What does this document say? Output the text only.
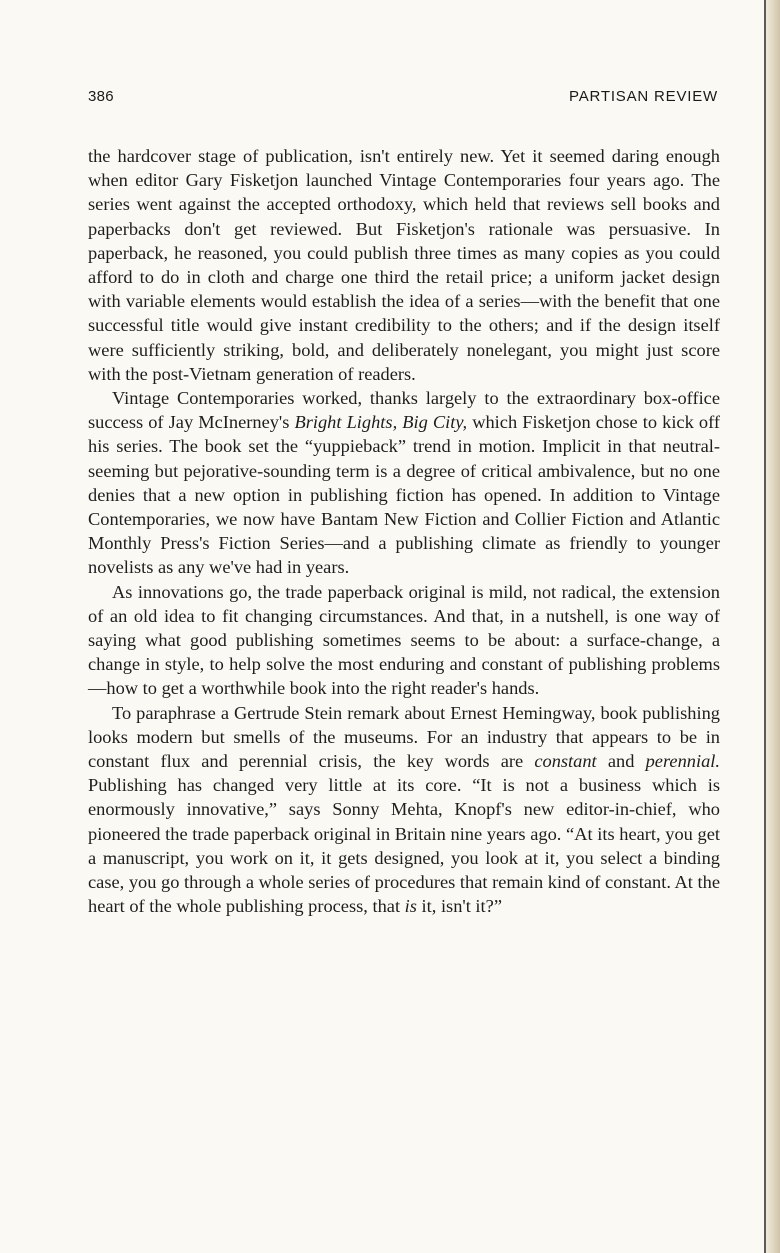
386	PARTISAN REVIEW

the hardcover stage of publication, isn't entirely new. Yet it seemed daring enough when editor Gary Fisketjon launched Vintage Contemporaries four years ago. The series went against the accepted orthodoxy, which held that reviews sell books and paperbacks don't get reviewed. But Fisketjon's rationale was persuasive. In paperback, he reasoned, you could publish three times as many copies as you could afford to do in cloth and charge one third the retail price; a uniform jacket design with variable elements would establish the idea of a series—with the benefit that one successful title would give instant credibility to the others; and if the design itself were sufficiently striking, bold, and deliberately nonelegant, you might just score with the post-Vietnam generation of readers.

Vintage Contemporaries worked, thanks largely to the extraordinary box-office success of Jay McInerney's Bright Lights, Big City, which Fisketjon chose to kick off his series. The book set the “yuppieback” trend in motion. Implicit in that neutral-seeming but pejorative-sounding term is a degree of critical ambivalence, but no one denies that a new option in publishing fiction has opened. In addition to Vintage Contemporaries, we now have Bantam New Fiction and Collier Fiction and Atlantic Monthly Press's Fiction Series—and a publishing climate as friendly to younger novelists as any we've had in years.

As innovations go, the trade paperback original is mild, not radical, the extension of an old idea to fit changing circumstances. And that, in a nutshell, is one way of saying what good publishing sometimes seems to be about: a surface-change, a change in style, to help solve the most enduring and constant of publishing problems—how to get a worthwhile book into the right reader's hands.

To paraphrase a Gertrude Stein remark about Ernest Hemingway, book publishing looks modern but smells of the museums. For an industry that appears to be in constant flux and perennial crisis, the key words are constant and perennial. Publishing has changed very little at its core. “It is not a business which is enormously innovative,” says Sonny Mehta, Knopf's new editor-in-chief, who pioneered the trade paperback original in Britain nine years ago. “At its heart, you get a manuscript, you work on it, it gets designed, you look at it, you select a binding case, you go through a whole series of procedures that remain kind of constant. At the heart of the whole publishing process, that is it, isn't it?”
